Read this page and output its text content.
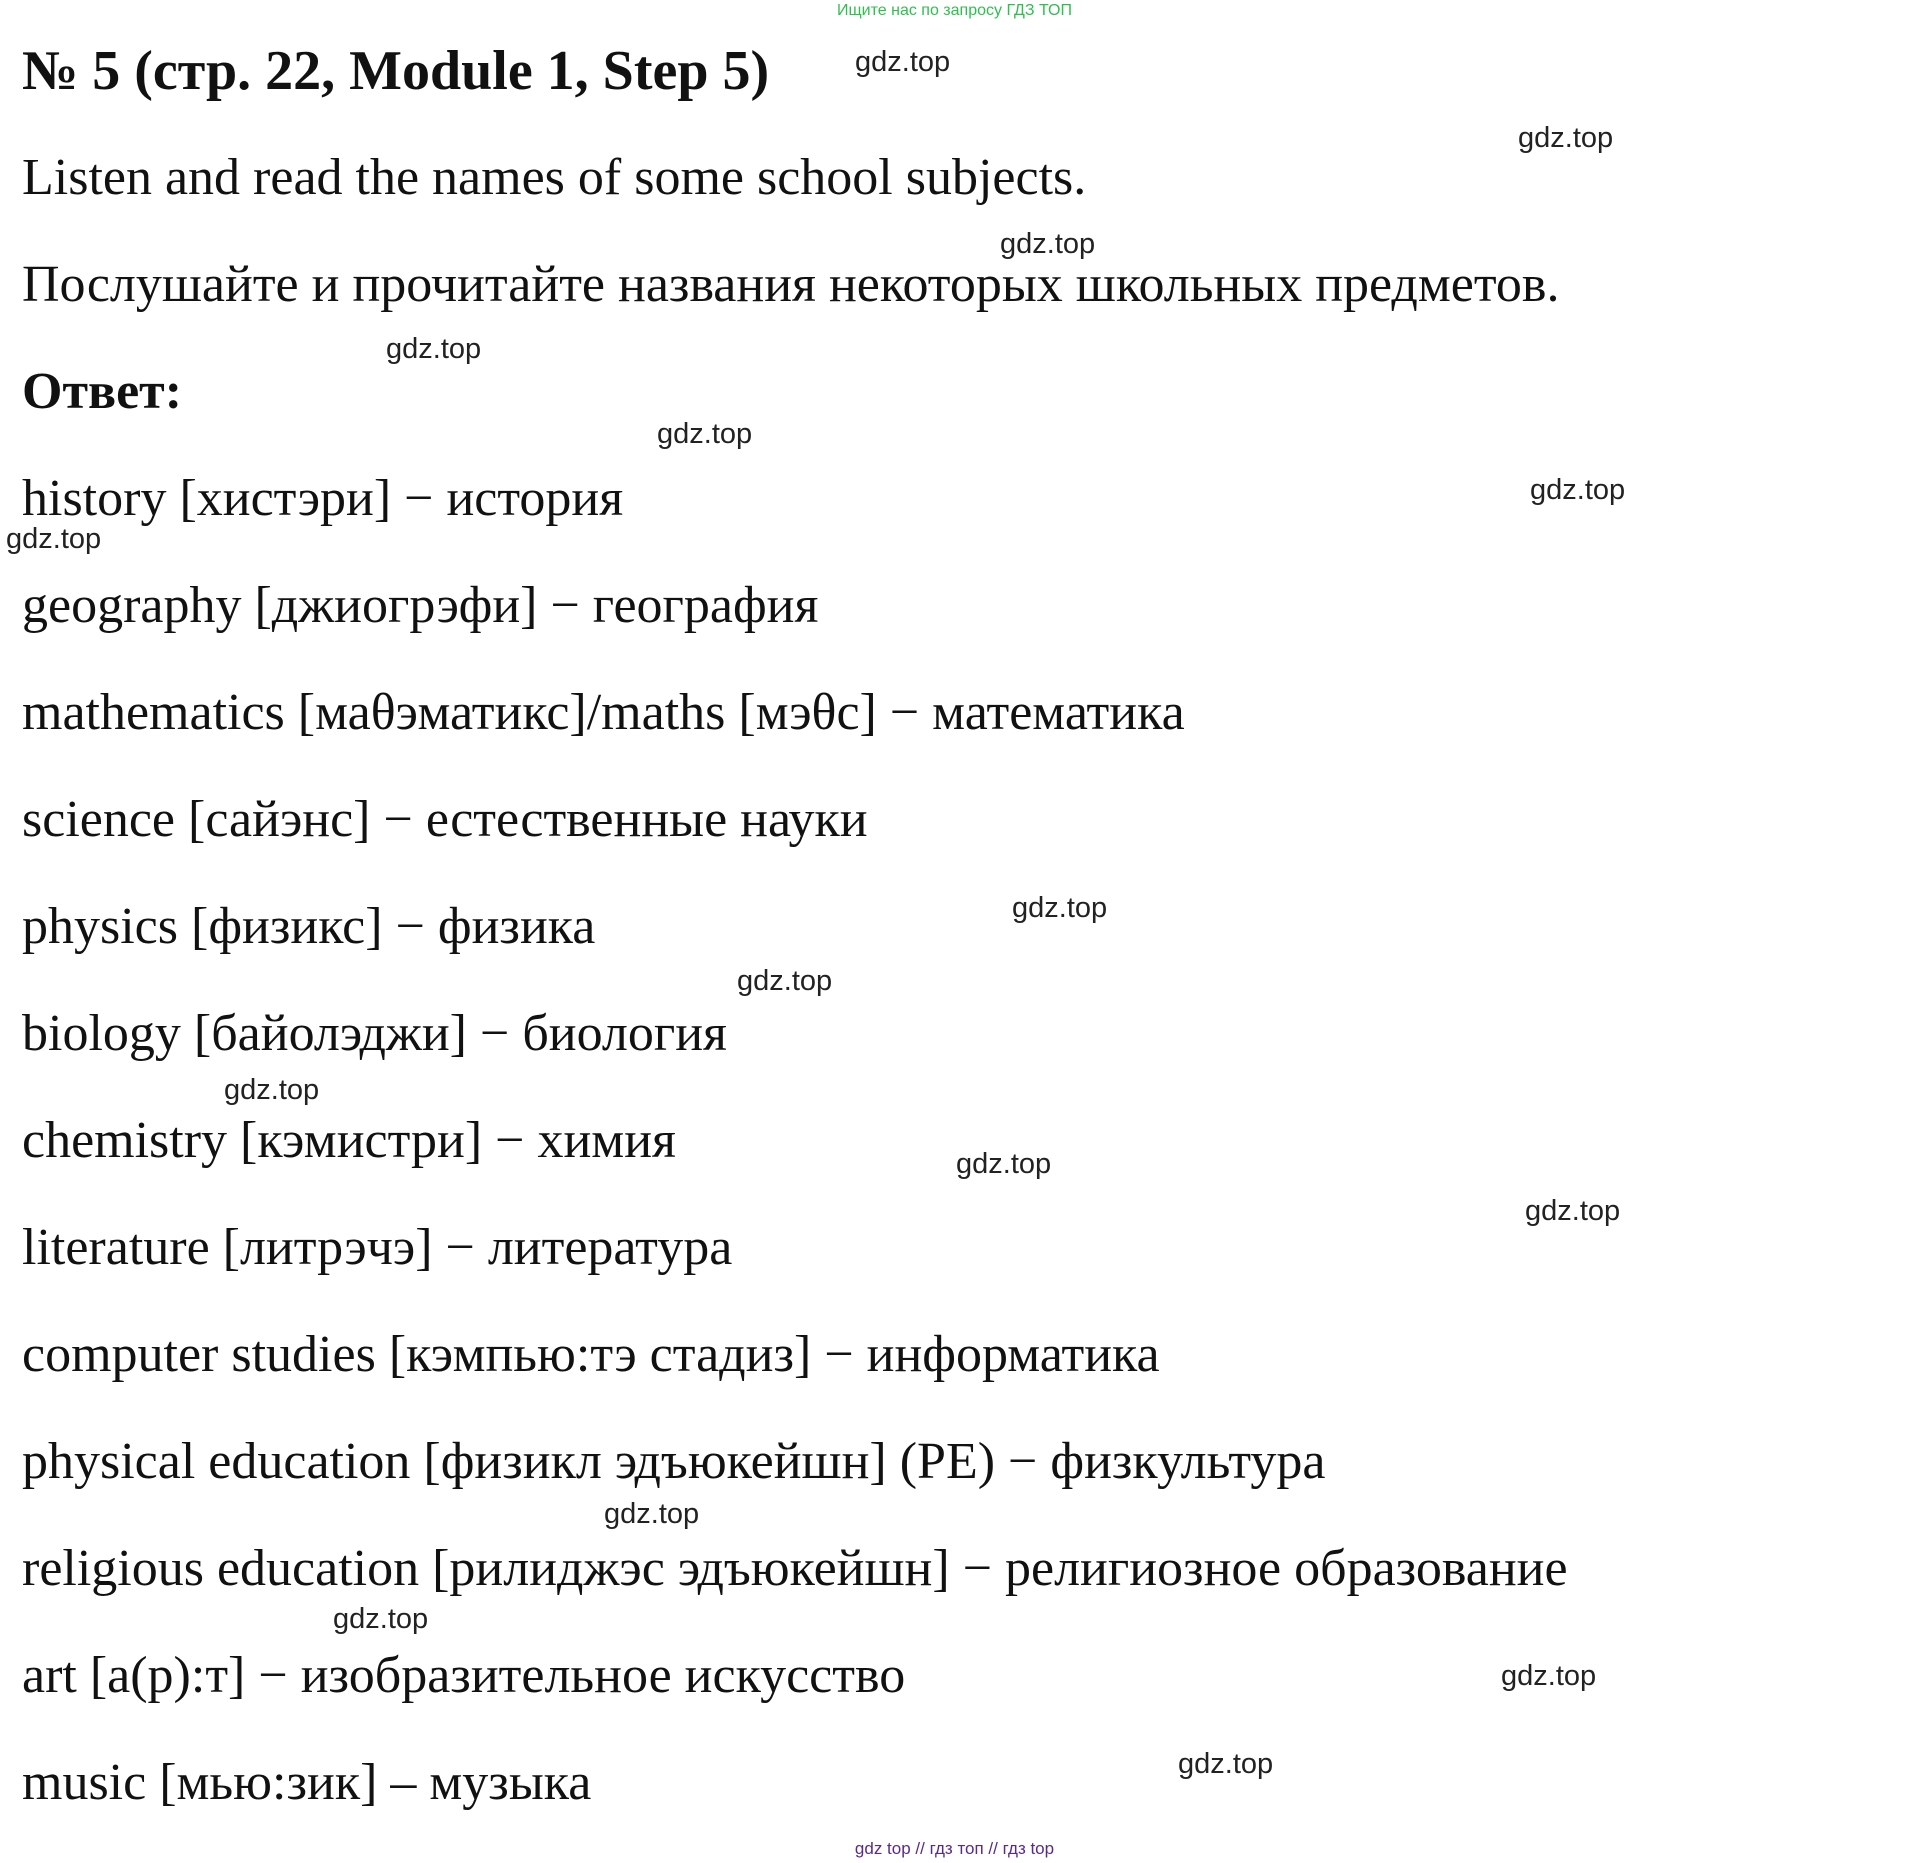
Ищите нас по запросу ГДЗ ТОП
№ 5 (стр. 22, Module 1, Step 5)

Listen and read the names of some school subjects.

Послушайте и прочитайте названия некоторых школьных предметов.

Ответ:

history [хистэри] − история

geography [джиогрэфи] − география

mathematics [маθэматикс]/maths [мэθс] − математика

science [сайэнс] − естественные науки

physics [физикс] − физика

biology [байолэджи] − биология

chemistry [кэмистри] − химия

literature [литрэчэ] − литература

computer studies [кэмпью:тэ стадиз] − информатика

physical education [физикл эдъюкейшн] (PE) − физкультура

religious education [рилиджэс эдъюкейшн] − религиозное образование

art [a(р):т] − изобразительное искусство

music [мью:зик] – музыка

gdz.top
gdz.top
gdz.top
gdz.top
gdz.top
gdz.top
gdz.top
gdz.top
gdz.top
gdz.top
gdz.top
gdz.top
gdz.top
gdz.top
gdz.top
gdz.top
gdz top // гдз топ // гдз top
